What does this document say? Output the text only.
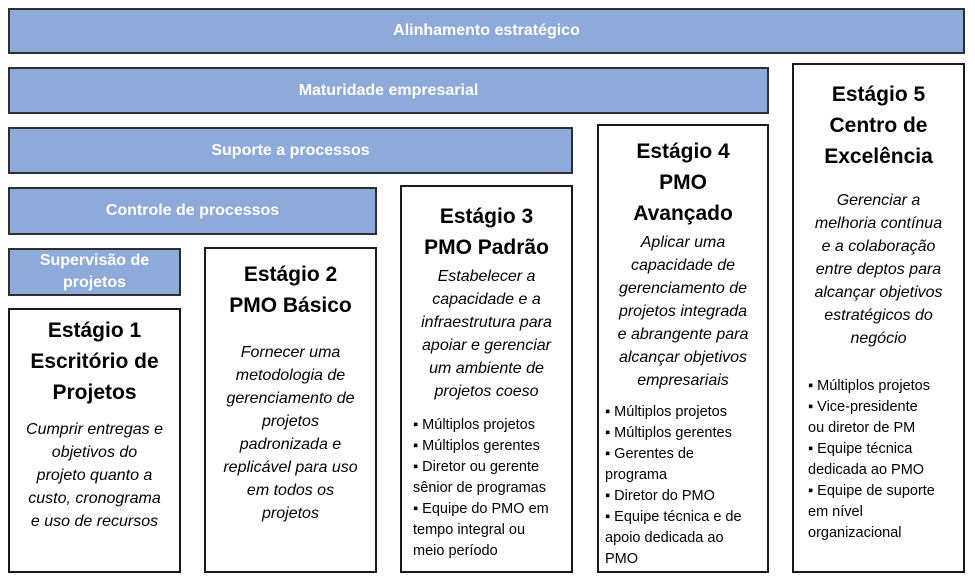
Alinhamento estratégico
Maturidade empresarial
Suporte a processos
Controle de processos
Supervisão de
projetos
Estágio 1
Escritório de
Projetos
Cumprir entregas e
objetivos do
projeto quanto a
custo, cronograma
e uso de recursos
Estágio 2
PMO Básico
Fornecer uma
metodologia de
gerenciamento de
projetos
padronizada e
replicável para uso
em todos os
projetos
Estágio 3
PMO Padrão
Estabelecer a
capacidade e a
infraestrutura para
apoiar e gerenciar
um ambiente de
projetos coeso
▪ Múltiplos projetos
▪ Múltiplos gerentes
▪ Diretor ou gerente
sênior de programas
▪ Equipe do PMO em
tempo integral ou
meio período
Estágio 4
PMO
Avançado
Aplicar uma
capacidade de
gerenciamento de
projetos integrada
e abrangente para
alcançar objetivos
empresariais
▪ Múltiplos projetos
▪ Múltiplos gerentes
▪ Gerentes de
programa
▪ Diretor do PMO
▪ Equipe técnica e de
apoio dedicada ao
PMO
Estágio 5
Centro de
Excelência
Gerenciar a
melhoria contínua
e a colaboração
entre deptos para
alcançar objetivos
estratégicos do
negócio
▪ Múltiplos projetos
▪ Vice-presidente
ou diretor de PM
▪ Equipe técnica
dedicada ao PMO
▪ Equipe de suporte
em nível
organizacional
